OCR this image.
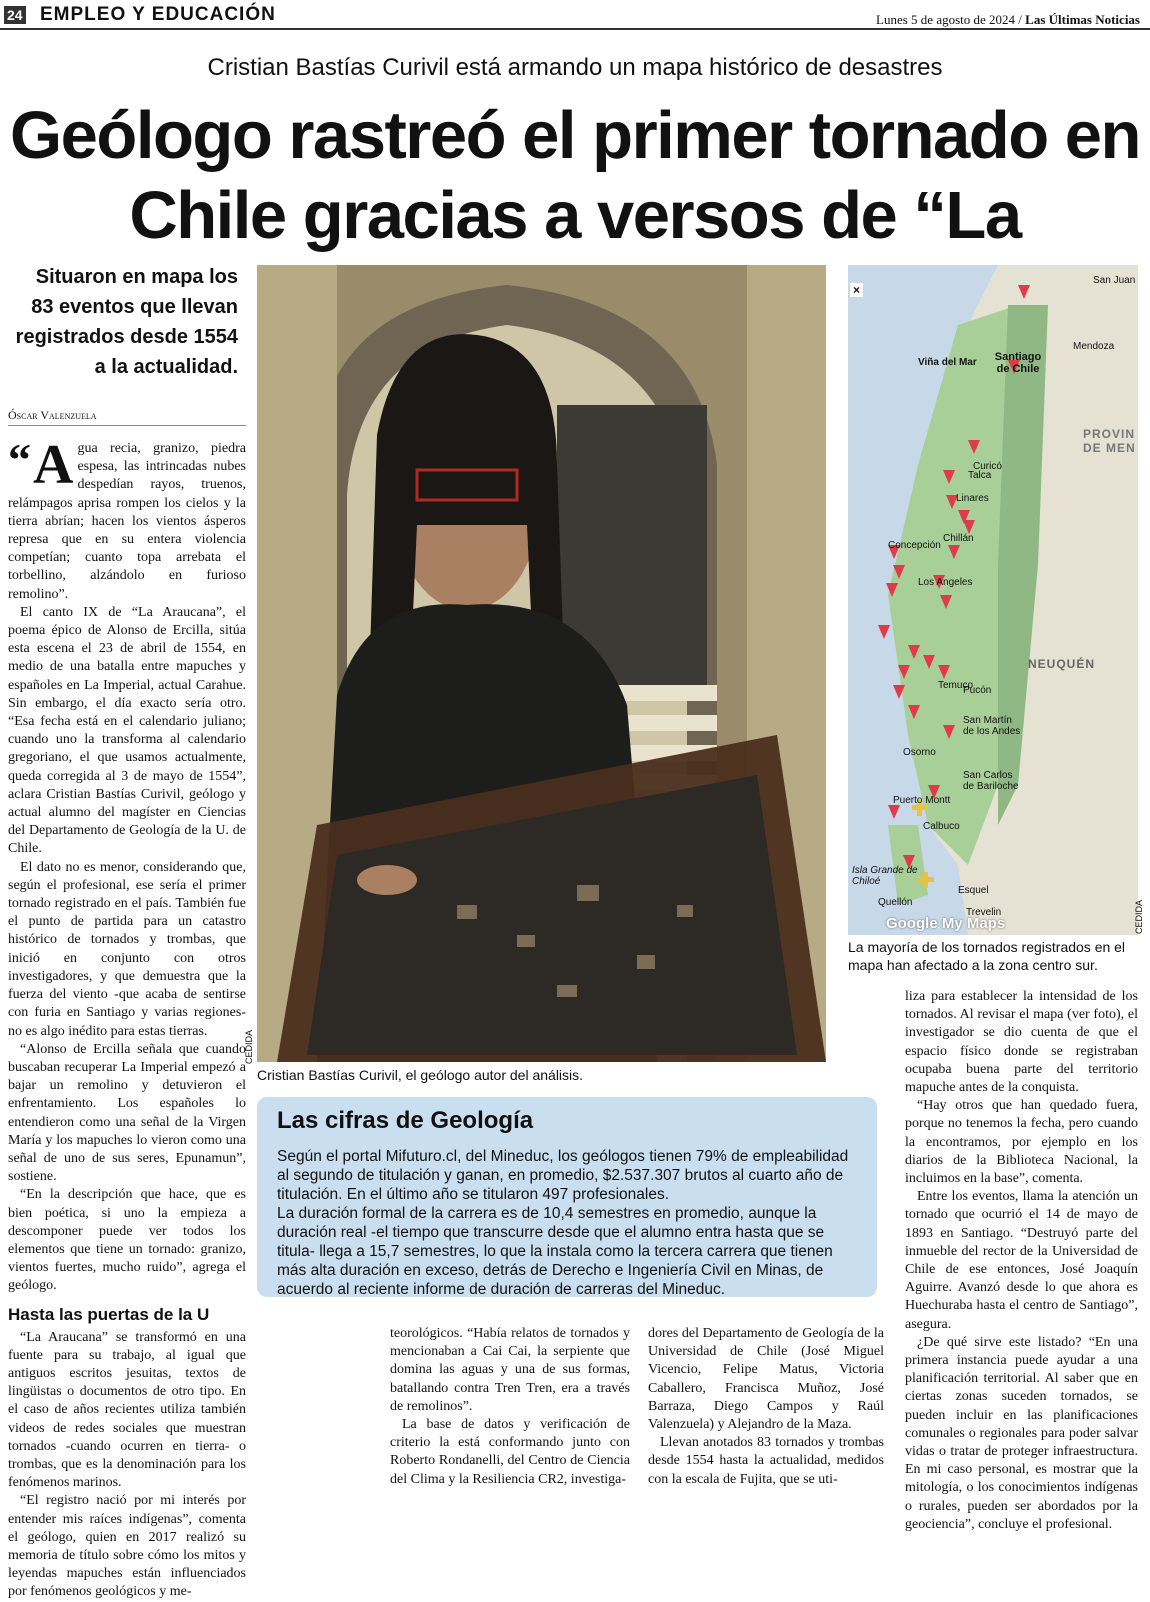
24 EMPLEO Y EDUCACIÓN	Lunes 5 de agosto de 2024 / Las Últimas Noticias
Cristian Bastías Curivil está armando un mapa histórico de desastres
Geólogo rastreó el primer tornado en
Chile gracias a versos de “La
Situaron en mapa los 83 eventos que llevan registrados desde 1554 a la actualidad.
Óscar Valenzuela

“ A gua recia, granizo, piedra espesa, las intrincadas nubes despedían rayos, truenos, relámpagos aprisa rompen los cielos y la tierra abrían; hacen los vientos ásperos represa que en su entera violencia competían; cuanto topa arrebata el torbellino, alzándolo en furioso remolino”.

El canto IX de “La Araucana”, el poema épico de Alonso de Ercilla, sitúa esta escena el 23 de abril de 1554, en medio de una batalla entre mapuches y españoles en La Imperial, actual Carahue. Sin embargo, el día exacto sería otro. “Esa fecha está en el calendario juliano; cuando uno la transforma al calendario gregoriano, el que usamos actualmente, queda corregida al 3 de mayo de 1554”, aclara Cristian Bastías Curivil, geólogo y actual alumno del magíster en Ciencias del Departamento de Geología de la U. de Chile.

El dato no es menor, considerando que, según el profesional, ese sería el primer tornado registrado en el país. También fue el punto de partida para un catastro histórico de tornados y trombas, que inició en conjunto con otros investigadores, y que demuestra que la fuerza del viento -que acaba de sentirse con furia en Santiago y varias regiones- no es algo inédito para estas tierras.

“Alonso de Ercilla señala que cuando buscaban recuperar La Imperial empezó a bajar un remolino y detuvieron el enfrentamiento. Los españoles lo entendieron como una señal de la Virgen María y los mapuches lo vieron como una señal de uno de sus seres, Epunamun”, sostiene.

“En la descripción que hace, que es bien poética, si uno la empieza a descomponer puede ver todos los elementos que tiene un tornado: granizo, vientos fuertes, mucho ruido”, agrega el geólogo.

Hasta las puertas de la U

“La Araucana” se transformó en una fuente para su trabajo, al igual que antiguos escritos jesuitas, textos de lingüistas o documentos de otro tipo. En el caso de años recientes utiliza también videos de redes sociales que muestran tornados -cuando ocurren en tierra- o trombas, que es la denominación para los fenómenos marinos.

“El registro nació por mi interés por entender mis raíces indígenas”, comenta el geólogo, quien en 2017 realizó su memoria de título sobre cómo los mitos y leyendas mapuches están influenciados por fenómenos geológicos y me-

CEDIDA
Cristian Bastías Curivil, el geólogo autor del análisis.
×
Viña del Mar	Santiago de Chile
San Juan
Mendoza
PROVIN DE MEN
Curicó
Talca
Linares
Concepción
Chillán
Los Angeles
NEUQUÉN
Temuco
Pucón
San Martín de los Andes
Osorno
San Carlos de Bariloche
Puerto Montt
Calbuco
Isla Grande de Chiloé
Esquel
Quellón
Trevelin
Google My Maps	CEDIDA
La mayoría de los tornados registrados en el mapa han afectado a la zona centro sur.
Las cifras de Geología

Según el portal Mifuturo.cl, del Mineduc, los geólogos tienen 79% de empleabilidad al segundo de titulación y ganan, en promedio, $2.537.307 brutos al cuarto año de titulación. En el último año se titularon 497 profesionales.

La duración formal de la carrera es de 10,4 semestres en promedio, aunque la duración real -el tiempo que transcurre desde que el alumno entra hasta que se titula- llega a 15,7 semestres, lo que la instala como la tercera carrera que tienen más alta duración en exceso, detrás de Derecho e Ingeniería Civil en Minas, de acuerdo al reciente informe de duración de carreras del Mineduc.

teorológicos. “Había relatos de tornados y mencionaban a Cai Cai, la serpiente que domina las aguas y una de sus formas, batallando contra Tren Tren, era a través de remolinos”.

La base de datos y verificación de criterio la está conformando junto con Roberto Rondanelli, del Centro de Ciencia del Clima y la Resiliencia CR2, investiga-

dores del Departamento de Geología de la Universidad de Chile (José Miguel Vicencio, Felipe Matus, Victoria Caballero, Francisca Muñoz, José Barraza, Diego Campos y Raúl Valenzuela) y Alejandro de la Maza.

Llevan anotados 83 tornados y trombas desde 1554 hasta la actualidad, medidos con la escala de Fujita, que se uti-

liza para establecer la intensidad de los tornados. Al revisar el mapa (ver foto), el investigador se dio cuenta de que el espacio físico donde se registraban ocupaba buena parte del territorio mapuche antes de la conquista.

“Hay otros que han quedado fuera, porque no tenemos la fecha, pero cuando la encontramos, por ejemplo en los diarios de la Biblioteca Nacional, la incluimos en la base”, comenta.

Entre los eventos, llama la atención un tornado que ocurrió el 14 de mayo de 1893 en Santiago. “Destruyó parte del inmueble del rector de la Universidad de Chile de ese entonces, José Joaquín Aguirre. Avanzó desde lo que ahora es Huechuraba hasta el centro de Santiago”, asegura.

¿De qué sirve este listado? “En una primera instancia puede ayudar a una planificación territorial. Al saber que en ciertas zonas suceden tornados, se pueden incluir en las planificaciones comunales o regionales para poder salvar vidas o tratar de proteger infraestructura. En mi caso personal, es mostrar que la mitología, o los conocimientos indígenas o rurales, pueden ser abordados por la geociencia”, concluye el profesional.
